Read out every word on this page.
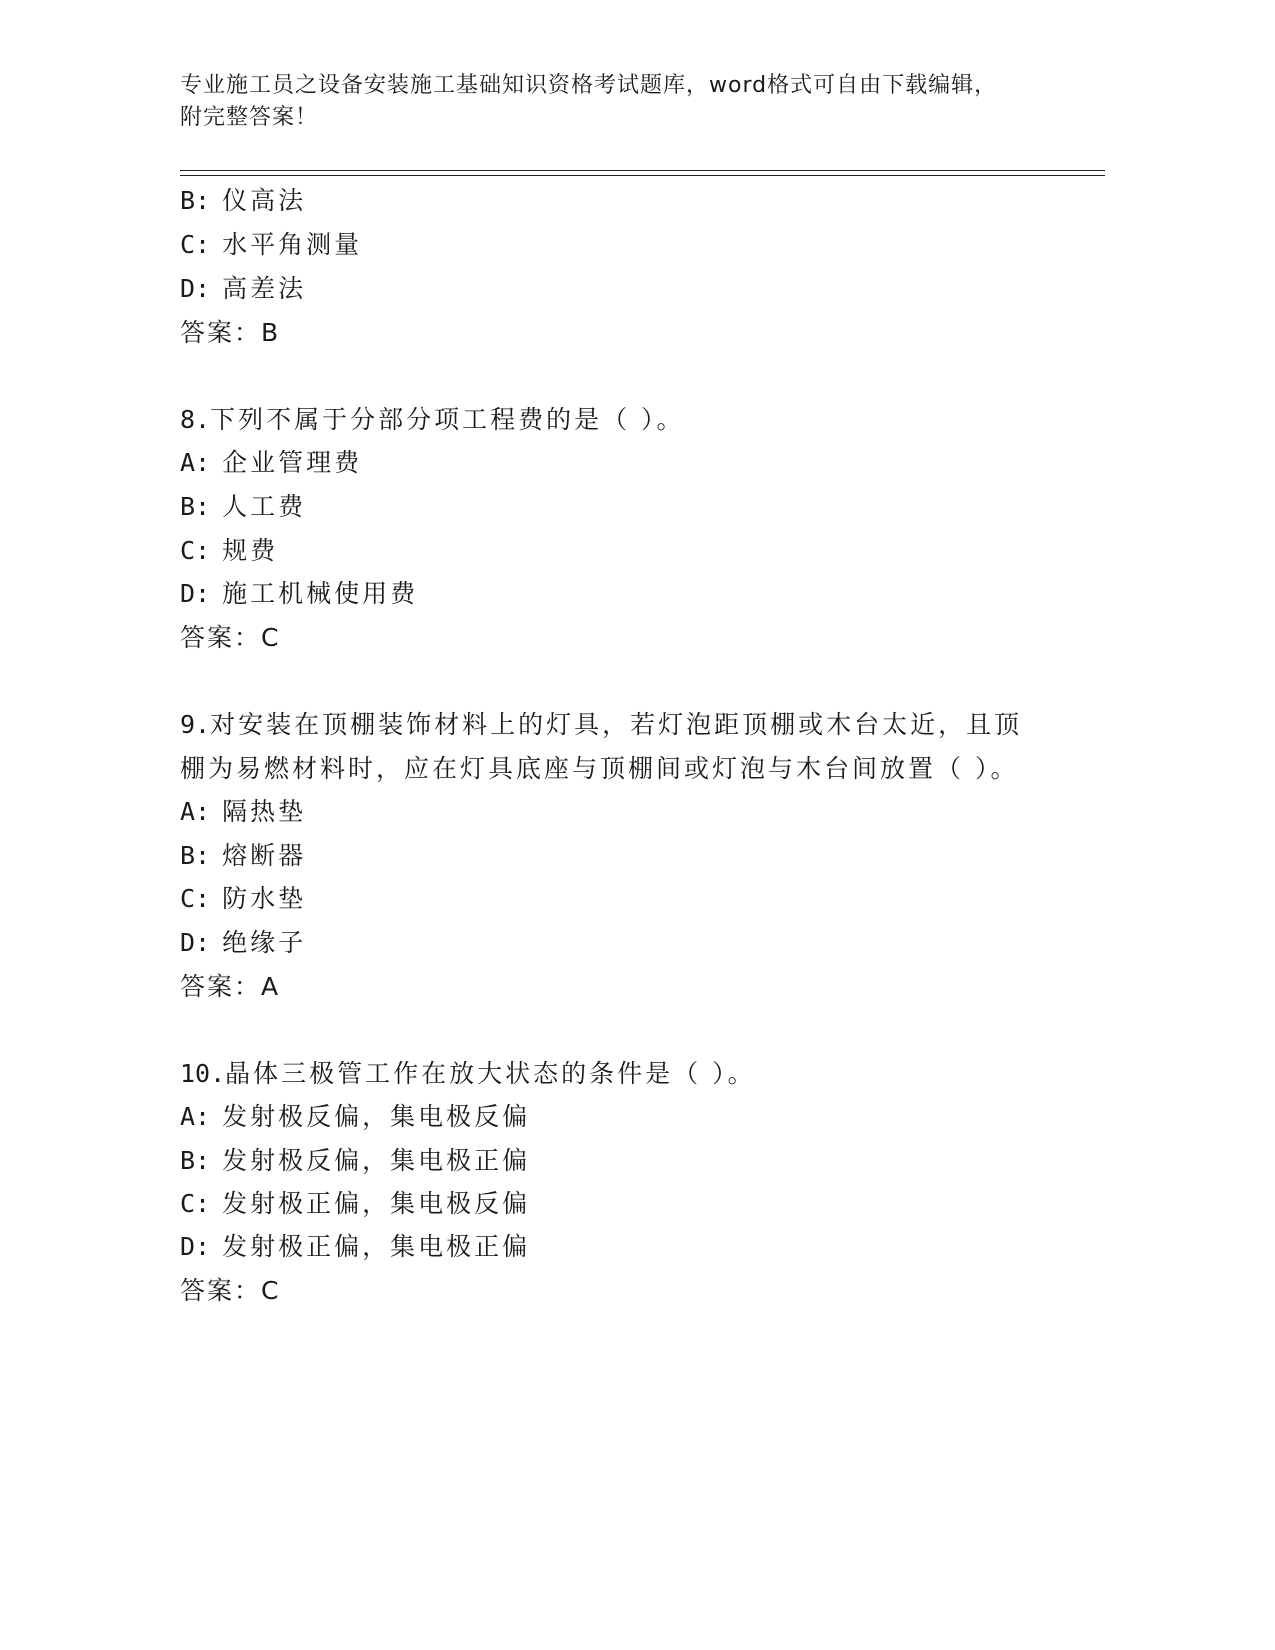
专业施工员之设备安装施工基础知识资格考试题库，word格式可自由下载编辑，
附完整答案！
B: 仪高法
C: 水平角测量
D: 高差法
答案：B
8.下列不属于分部分项工程费的是（ ）。
A: 企业管理费
B: 人工费
C: 规费
D: 施工机械使用费
答案：C
9.对安装在顶棚装饰材料上的灯具，若灯泡距顶棚或木台太近，且顶
棚为易燃材料时，应在灯具底座与顶棚间或灯泡与木台间放置（ ）。
A: 隔热垫
B: 熔断器
C: 防水垫
D: 绝缘子
答案：A
10.晶体三极管工作在放大状态的条件是（ ）。
A: 发射极反偏，集电极反偏
B: 发射极反偏，集电极正偏
C: 发射极正偏，集电极反偏
D: 发射极正偏，集电极正偏
答案：C
